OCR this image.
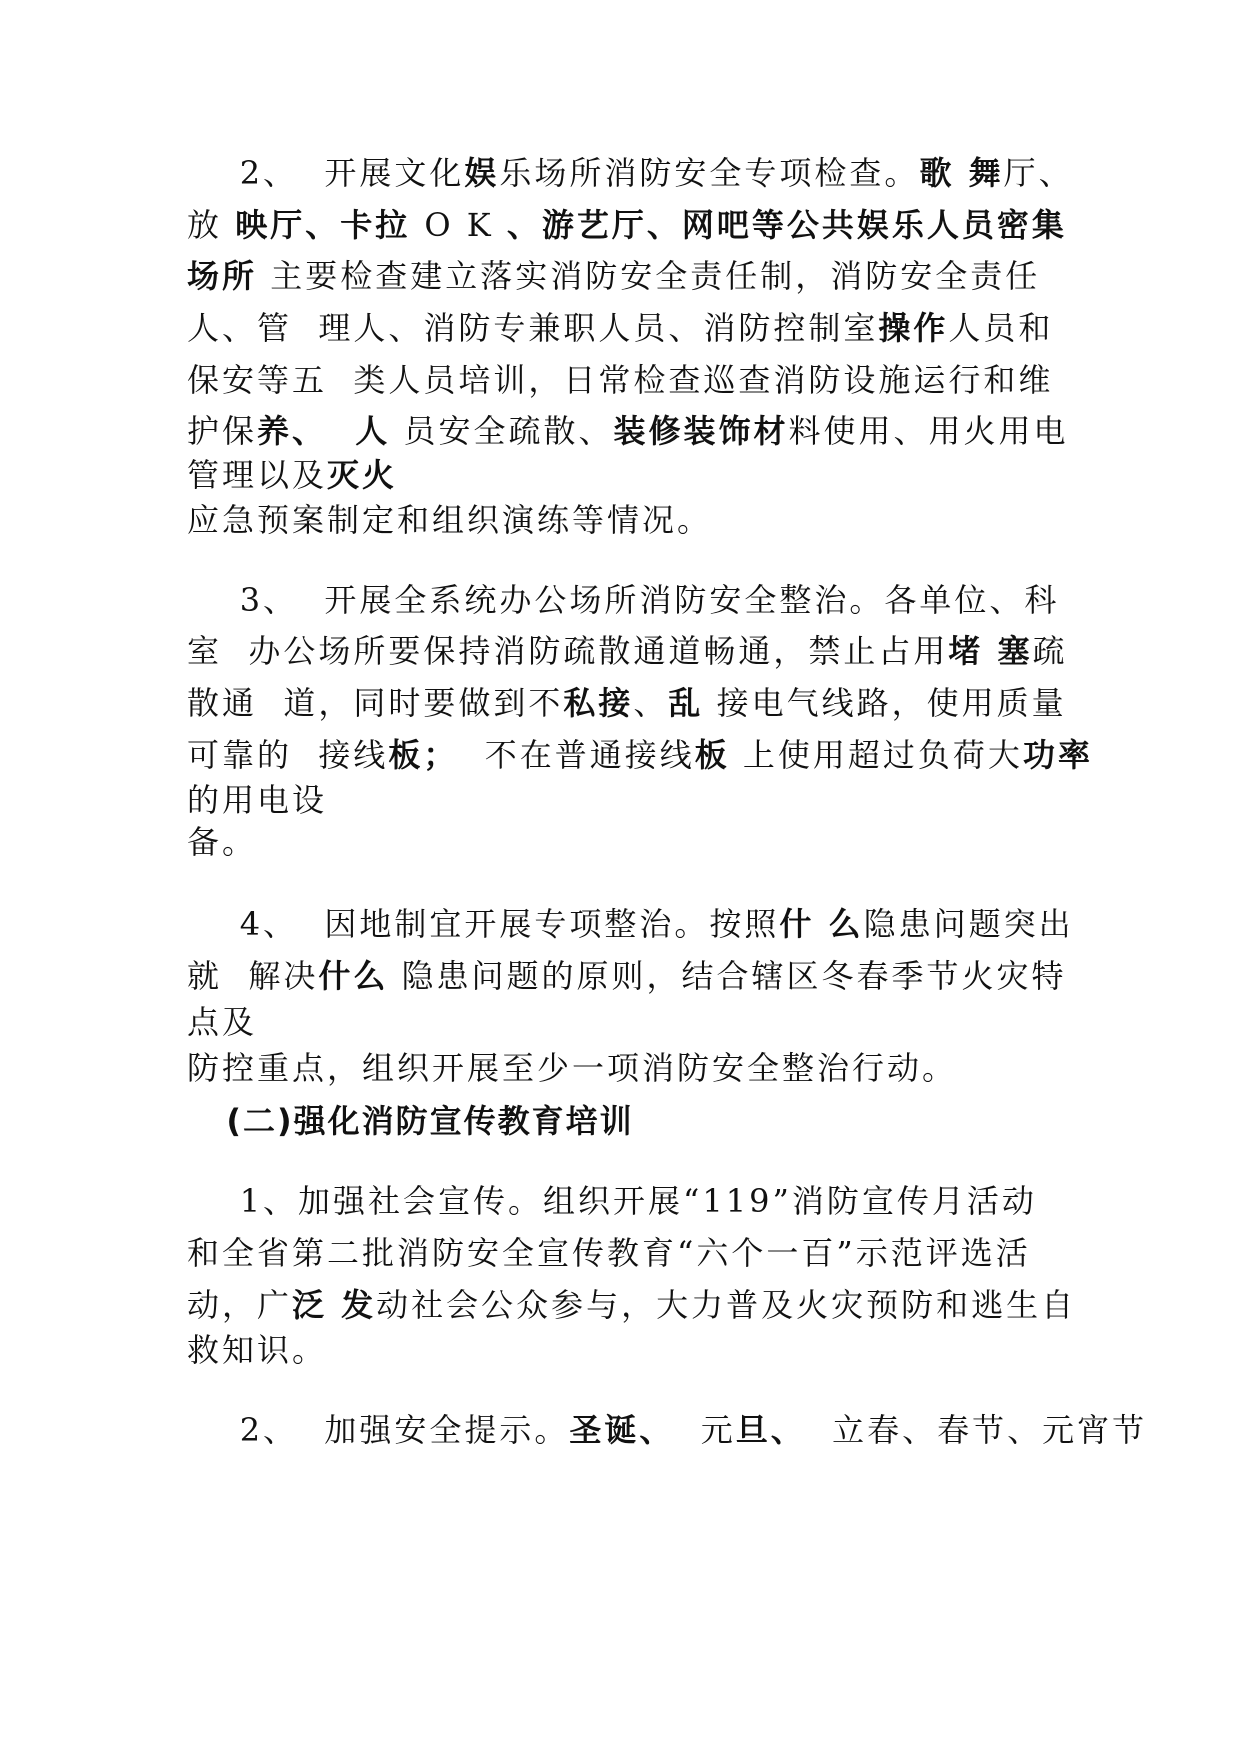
2、  开展文化娱乐场所消防安全专项检查。歌 舞厅、
放 映厅、卡拉 O K 、游艺厅、网吧等公共娱乐人员密集
场所 主要检查建立落实消防安全责任制，消防安全责任
人、管  理人、消防专兼职人员、消防控制室操作人员和
保安等五  类人员培训，日常检查巡查消防设施运行和维
护保养、  人 员安全疏散、装修装饰材料使用、用火用电
管理以及灭火
应急预案制定和组织演练等情况。
3、  开展全系统办公场所消防安全整治。各单位、科
室  办公场所要保持消防疏散通道畅通，禁止占用堵 塞疏
散通  道，同时要做到不私接、乱 接电气线路，使用质量
可靠的  接线板；  不在普通接线板 上使用超过负荷大功率
的用电设
备。
4、  因地制宜开展专项整治。按照什 么隐患问题突出
就  解决什么 隐患问题的原则，结合辖区冬春季节火灾特
点及
防控重点，组织开展至少一项消防安全整治行动。
(二)强化消防宣传教育培训
1、加强社会宣传。组织开展“119”消防宣传月活动
和全省第二批消防安全宣传教育“六个一百”示范评选活
动，广泛 发动社会公众参与，大力普及火灾预防和逃生自
救知识。
2、  加强安全提示。圣诞、  元旦、  立春、春节、元宵节
